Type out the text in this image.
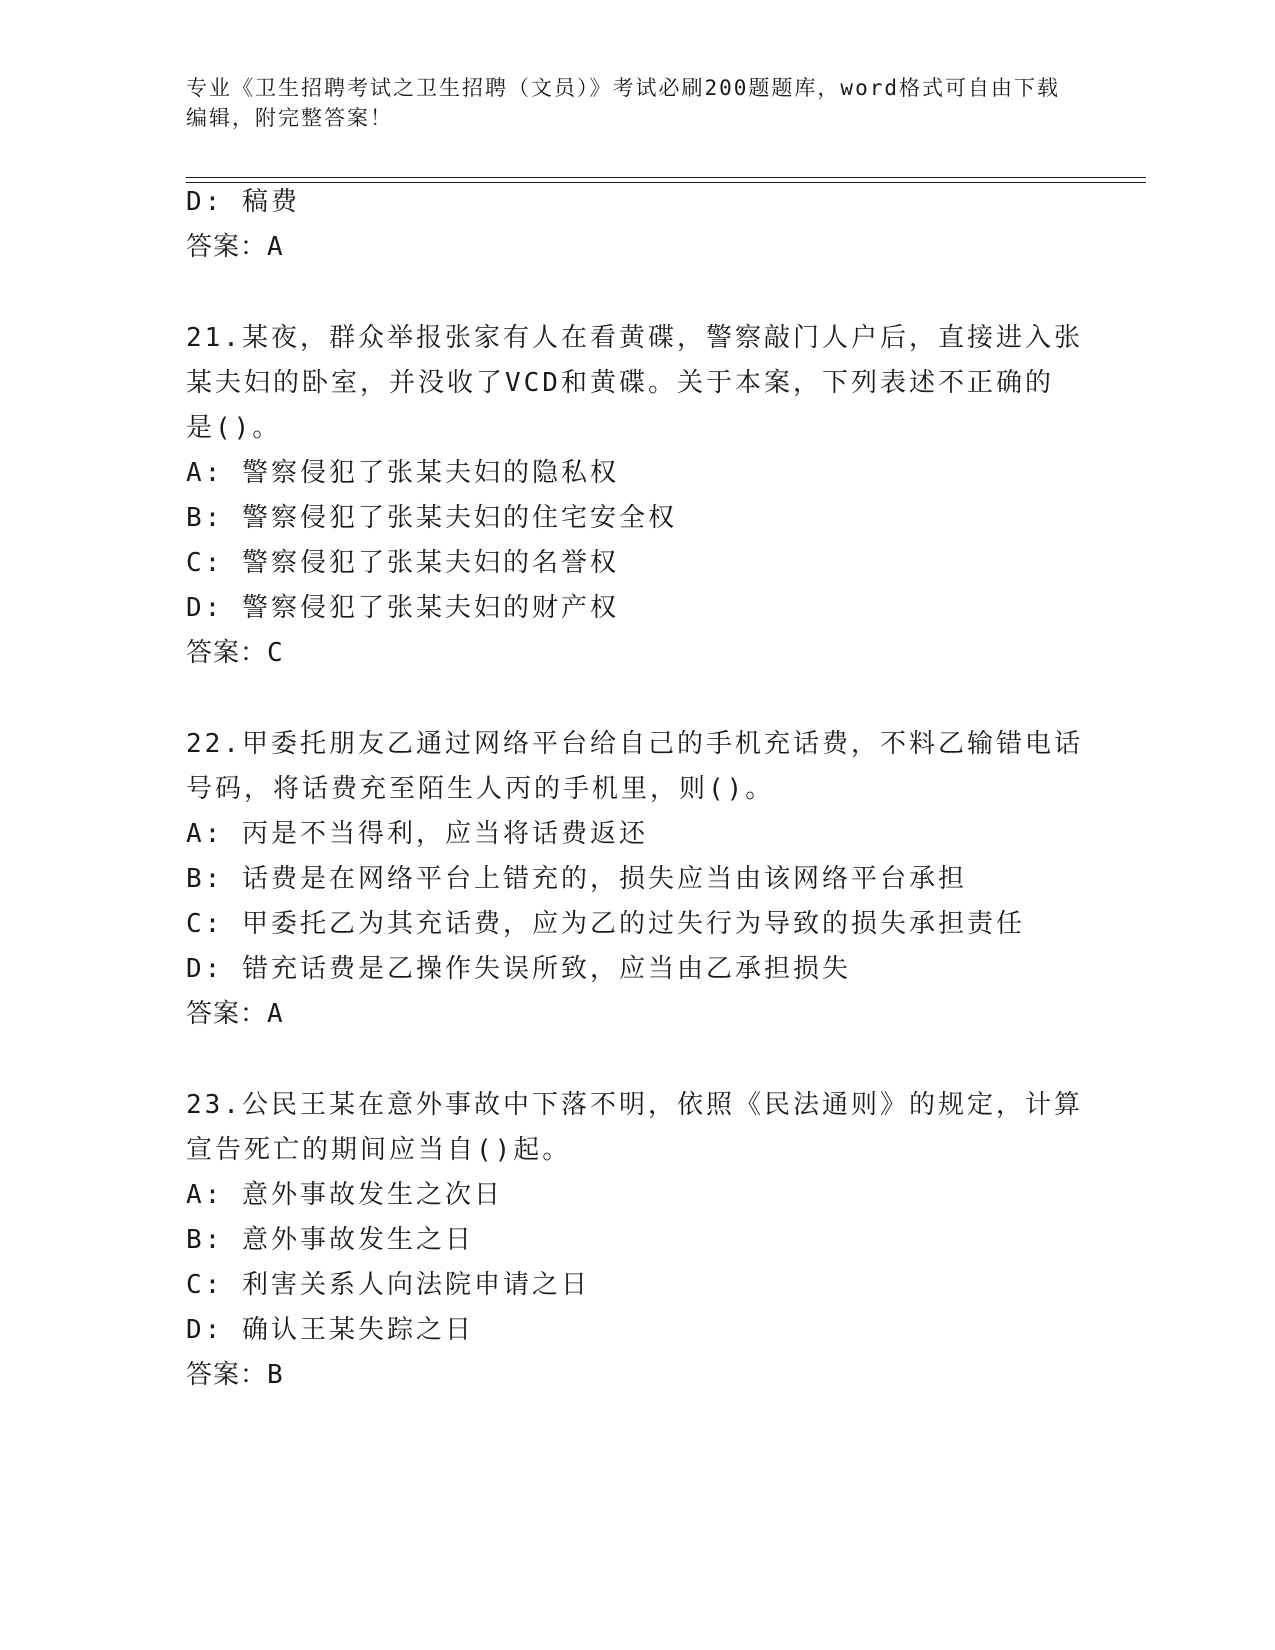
专业《卫生招聘考试之卫生招聘（文员）》考试必刷200题题库，word格式可自由下载编辑，附完整答案！
D: 稿费
答案：A
21.某夜，群众举报张家有人在看黄碟，警察敲门人户后，直接进入张
某夫妇的卧室，并没收了VCD和黄碟。关于本案，下列表述不正确的
是()。
A: 警察侵犯了张某夫妇的隐私权
B: 警察侵犯了张某夫妇的住宅安全权
C: 警察侵犯了张某夫妇的名誉权
D: 警察侵犯了张某夫妇的财产权
答案：C
22.甲委托朋友乙通过网络平台给自己的手机充话费，不料乙输错电话
号码，将话费充至陌生人丙的手机里，则()。
A: 丙是不当得利，应当将话费返还
B: 话费是在网络平台上错充的，损失应当由该网络平台承担
C: 甲委托乙为其充话费，应为乙的过失行为导致的损失承担责任
D: 错充话费是乙操作失误所致，应当由乙承担损失
答案：A
23.公民王某在意外事故中下落不明，依照《民法通则》的规定，计算
宣告死亡的期间应当自()起。
A: 意外事故发生之次日
B: 意外事故发生之日
C: 利害关系人向法院申请之日
D: 确认王某失踪之日
答案：B
